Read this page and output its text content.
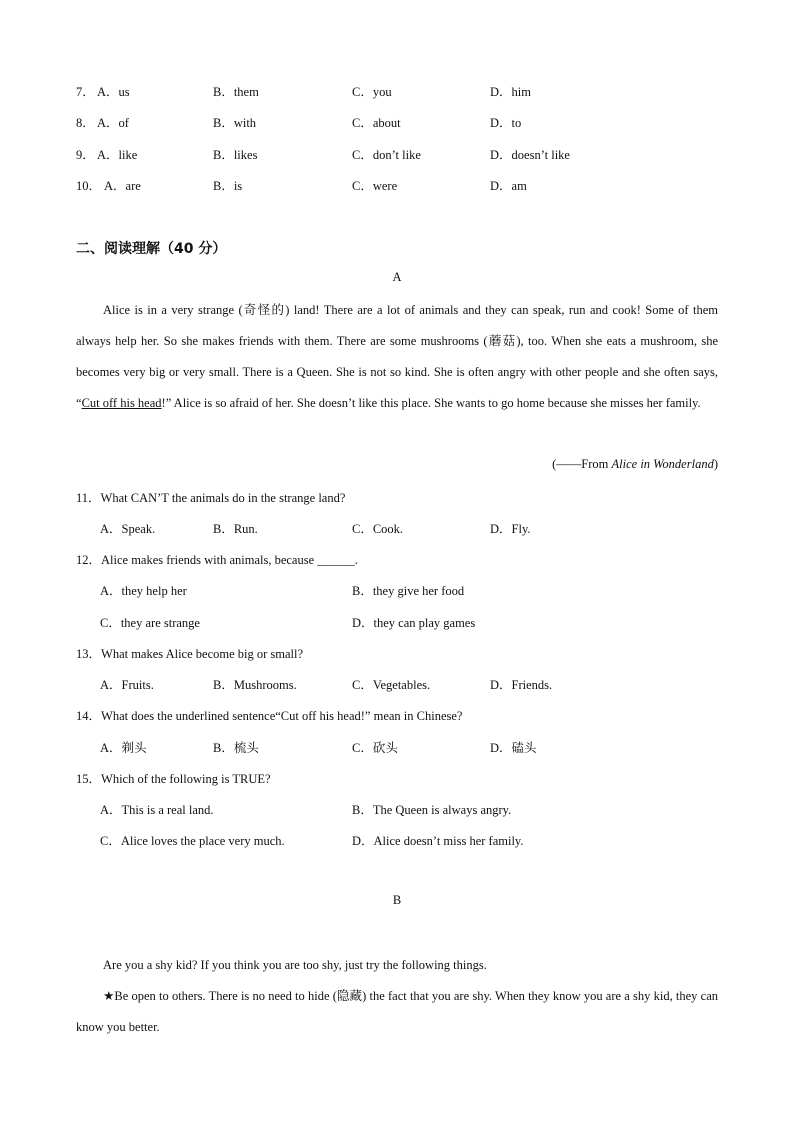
7． A．us	B．them	C．you	D．him
8． A．of	B．with	C．about	D．to
9． A．like	B．likes	C．don’t like	D．doesn’t like
10． A．are	B．is	C．were	D．am
二、阅读理解（40 分）
A
Alice is in a very strange (奇怪的) land! There are a lot of animals and they can speak, run and cook! Some of them always help her. So she makes friends with them. There are some mushrooms (蘑菇), too. When she eats a mushroom, she becomes very big or very small. There is a Queen. She is not so kind. She is often angry with other people and she often says, “Cut off his head!” Alice is so afraid of her. She doesn’t like this place. She wants to go home because she misses her family.
(——From Alice in Wonderland)
11．What CAN’T the animals do in the strange land?
A．Speak.	B．Run.	C．Cook.	D．Fly.
12．Alice makes friends with animals, because ______.
A．they help her	B．they give her food
C．they are strange	D．they can play games
13．What makes Alice become big or small?
A．Fruits.	B．Mushrooms.	C．Vegetables.	D．Friends.
14．What does the underlined sentence“Cut off his head!” mean in Chinese?
A．剃头	B．梳头	C．砍头	D．磕头
15．Which of the following is TRUE?
A．This is a real land.	B．The Queen is always angry.
C．Alice loves the place very much.	D．Alice doesn’t miss her family.
B
Are you a shy kid? If you think you are too shy, just try the following things.
★Be open to others. There is no need to hide (隐藏) the fact that you are shy. When they know you are a shy kid, they can know you better.
